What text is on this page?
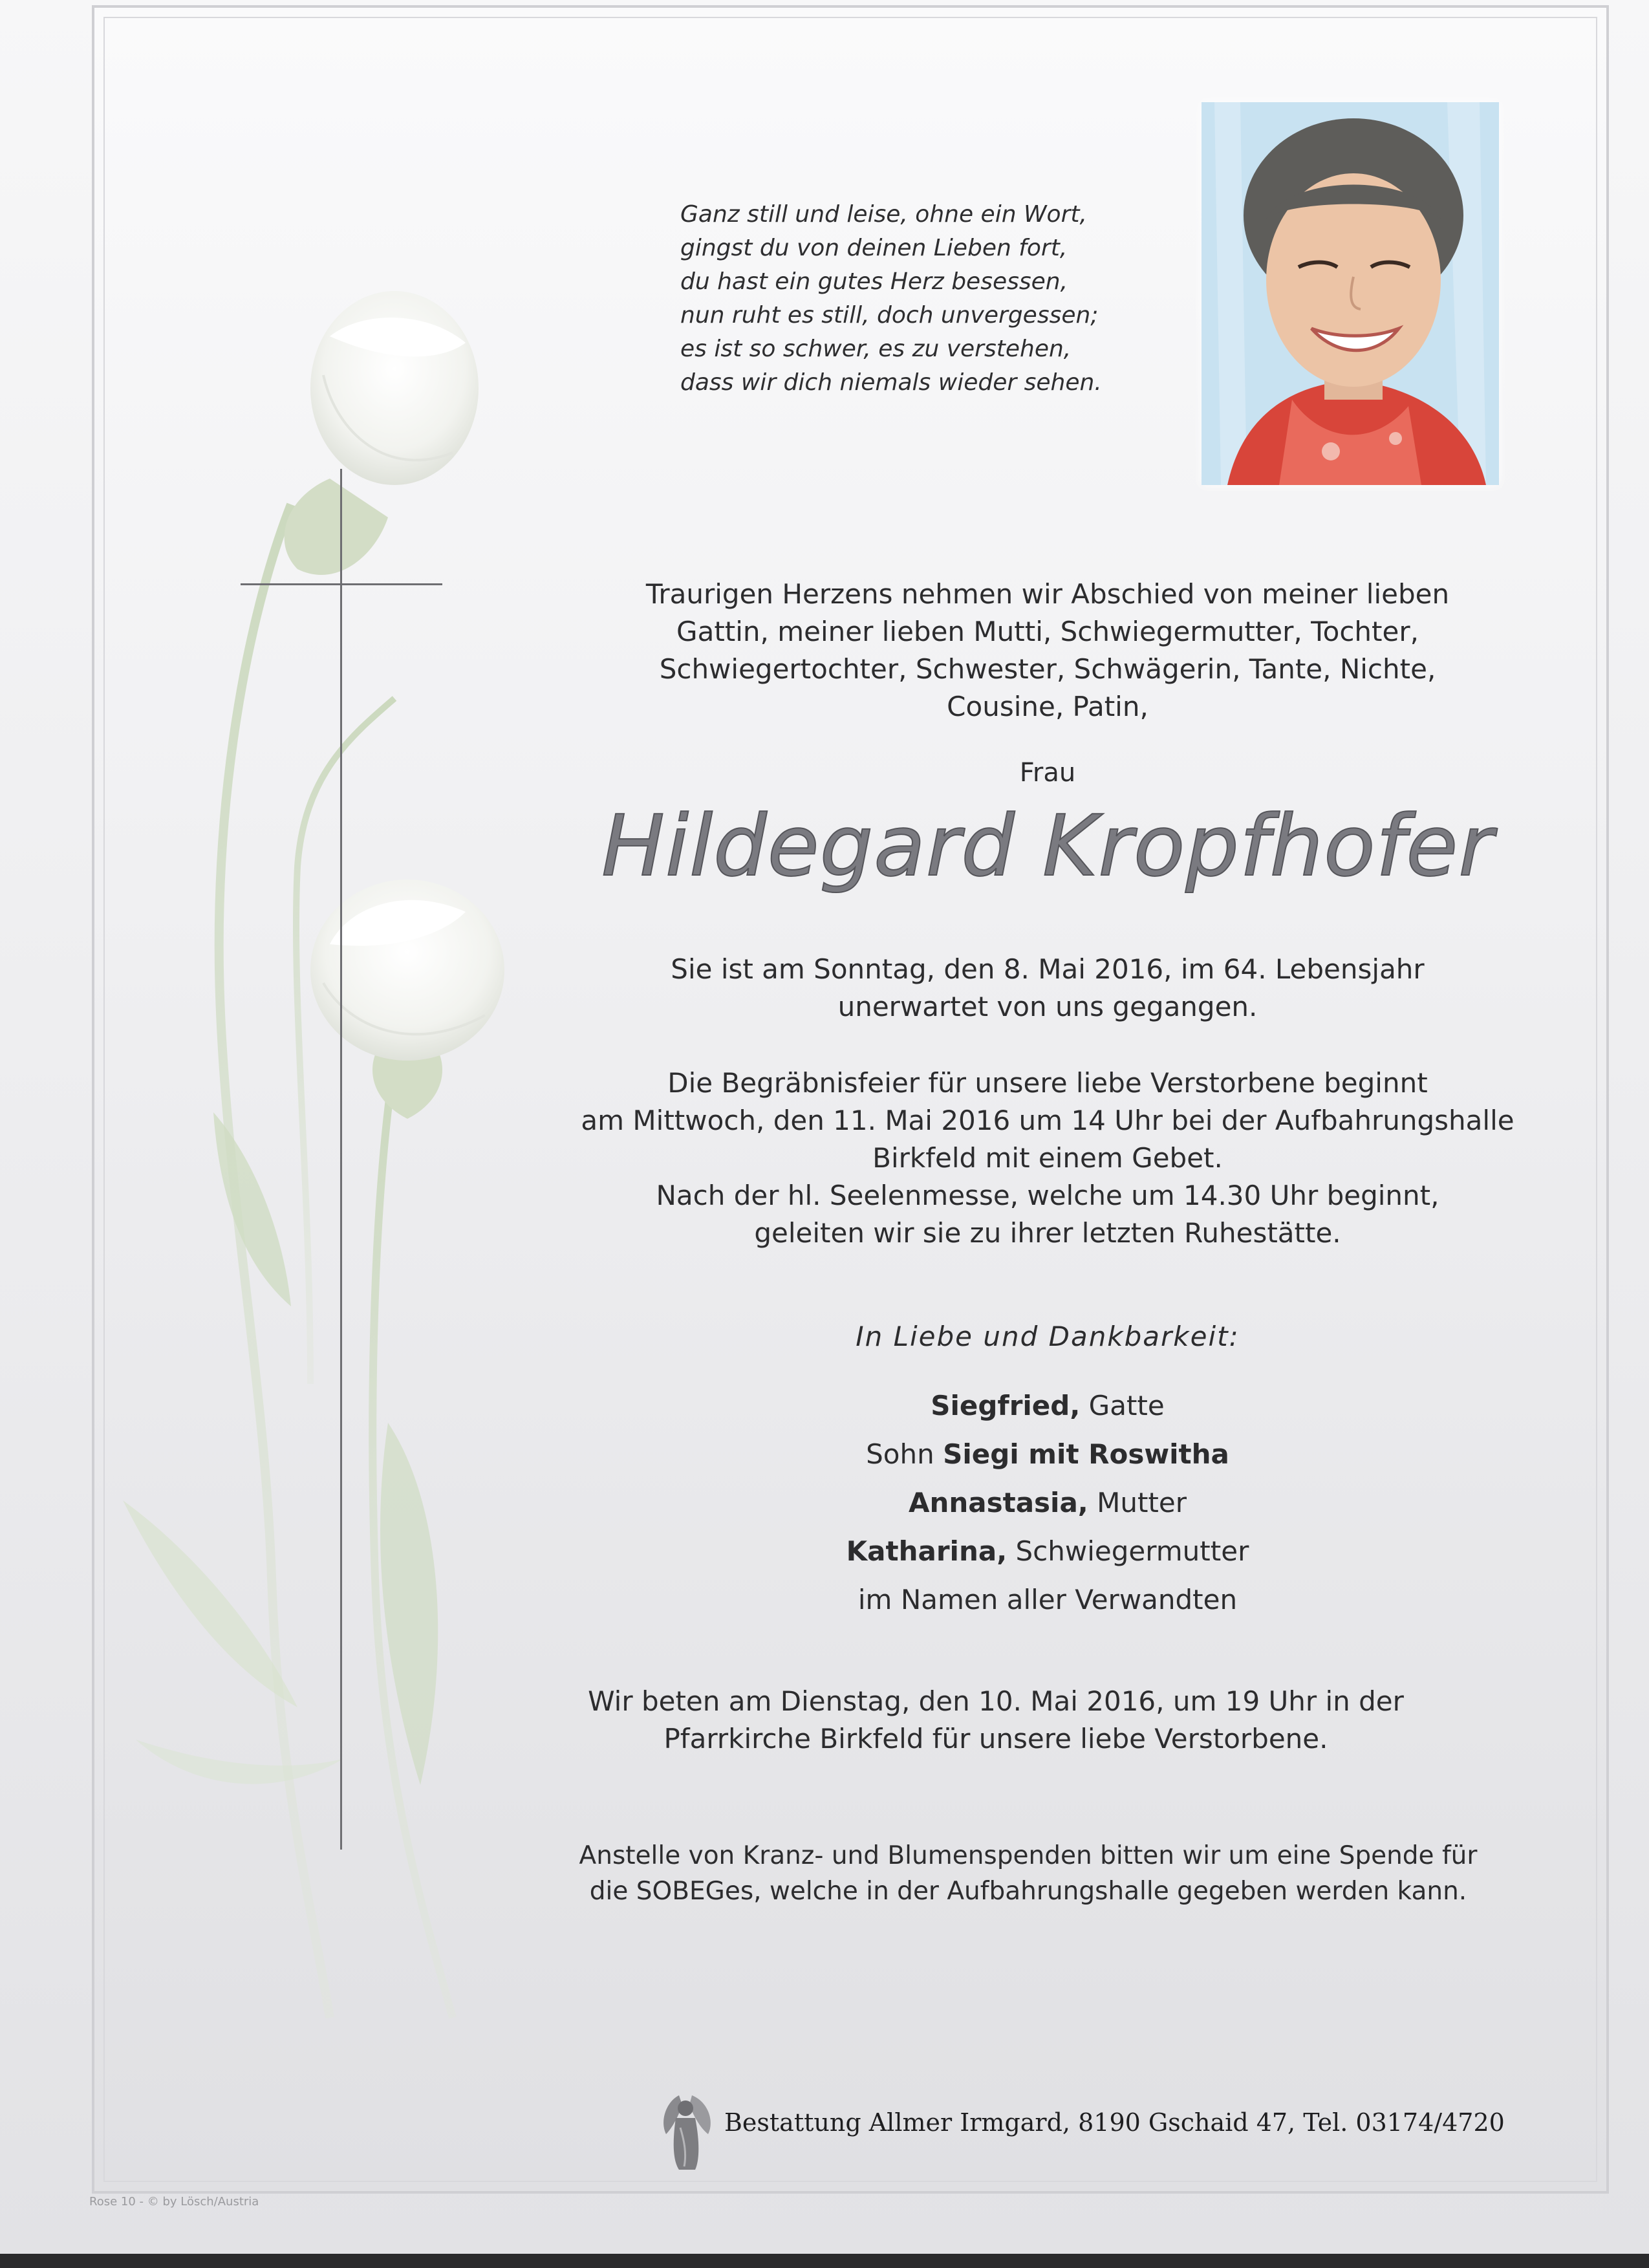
Ganz still und leise, ohne ein Wort,
gingst du von deinen Lieben fort,
du hast ein gutes Herz besessen,
nun ruht es still, doch unvergessen;
es ist so schwer, es zu verstehen,
dass wir dich niemals wieder sehen.
Traurigen Herzens nehmen wir Abschied von meiner lieben
Gattin, meiner lieben Mutti, Schwiegermutter, Tochter,
Schwiegertochter, Schwester, Schwägerin, Tante, Nichte,
Cousine, Patin,
Frau
Hildegard Kropfhofer
Sie ist am Sonntag, den 8. Mai 2016, im 64. Lebensjahr
unerwartet von uns gegangen.
Die Begräbnisfeier für unsere liebe Verstorbene beginnt
am Mittwoch, den 11. Mai 2016 um 14 Uhr bei der Aufbahrungshalle
Birkfeld mit einem Gebet.
Nach der hl. Seelenmesse, welche um 14.30 Uhr beginnt,
geleiten wir sie zu ihrer letzten Ruhestätte.
In Liebe und Dankbarkeit:
Siegfried, Gatte
Sohn Siegi mit Roswitha
Annastasia, Mutter
Katharina, Schwiegermutter
im Namen aller Verwandten
Wir beten am Dienstag, den 10. Mai 2016, um 19 Uhr in der
Pfarrkirche Birkfeld für unsere liebe Verstorbene.
Anstelle von Kranz- und Blumenspenden bitten wir um eine Spende für
die SOBEGes, welche in der Aufbahrungshalle gegeben werden kann.
Bestattung Allmer Irmgard, 8190 Gschaid 47, Tel. 03174/4720
Rose 10 - © by Lösch/Austria
